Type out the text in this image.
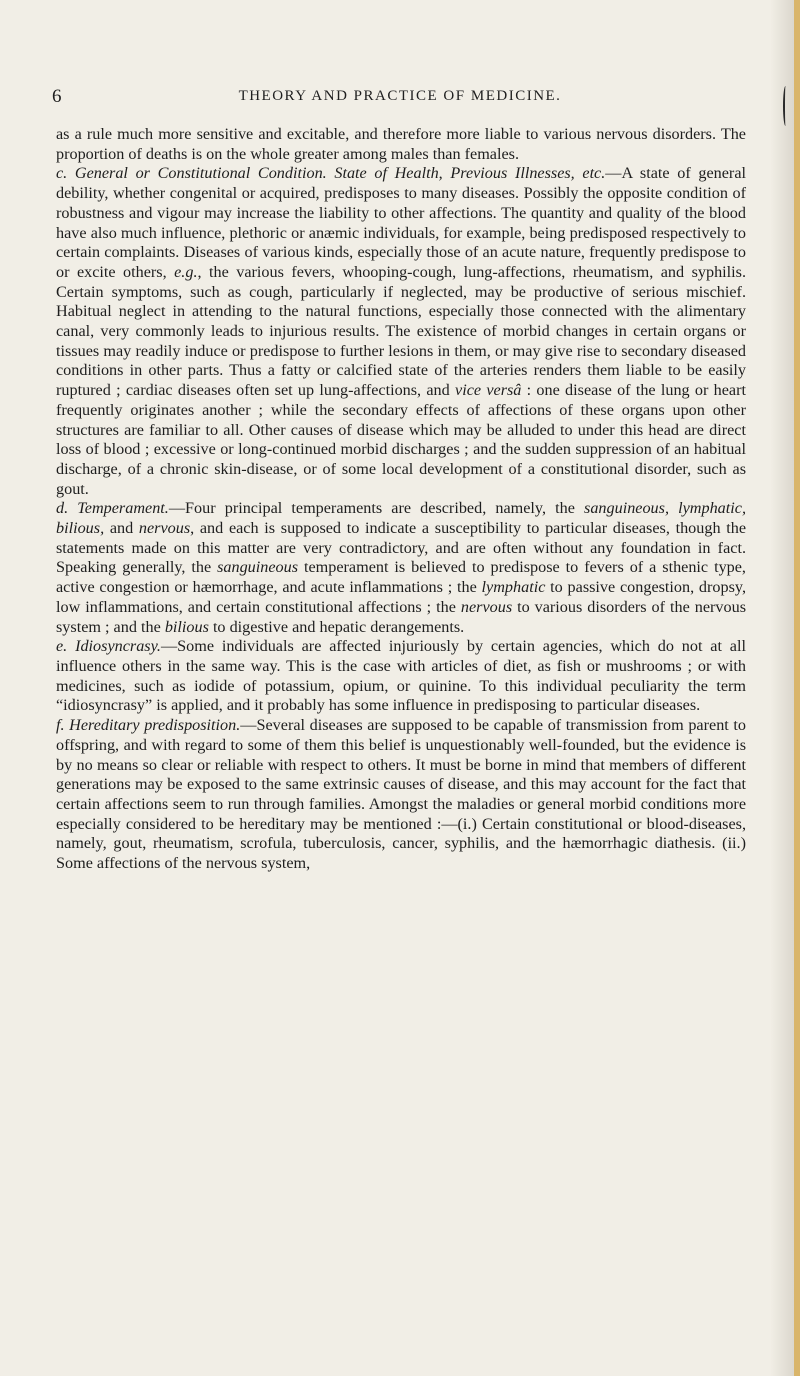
6	THEORY AND PRACTICE OF MEDICINE.

as a rule much more sensitive and excitable, and therefore more liable to various nervous disorders. The proportion of deaths is on the whole greater among males than females.

c. General or Constitutional Condition. State of Health, Previous Illnesses, etc.—A state of general debility, whether congenital or acquired, predisposes to many diseases. Possibly the opposite condition of robustness and vigour may increase the liability to other affections. The quantity and quality of the blood have also much influence, plethoric or anæmic individuals, for example, being predisposed respectively to certain complaints. Diseases of various kinds, especially those of an acute nature, frequently predispose to or excite others, e.g., the various fevers, whooping-cough, lung-affections, rheumatism, and syphilis. Certain symptoms, such as cough, particularly if neglected, may be productive of serious mischief. Habitual neglect in attending to the natural functions, especially those connected with the alimentary canal, very commonly leads to injurious results. The existence of morbid changes in certain organs or tissues may readily induce or predispose to further lesions in them, or may give rise to secondary diseased conditions in other parts. Thus a fatty or calcified state of the arteries renders them liable to be easily ruptured ; cardiac diseases often set up lung-affections, and vice versâ : one disease of the lung or heart frequently originates another ; while the secondary effects of affections of these organs upon other structures are familiar to all. Other causes of disease which may be alluded to under this head are direct loss of blood ; excessive or long-continued morbid discharges ; and the sudden suppression of an habitual discharge, of a chronic skin-disease, or of some local development of a constitutional disorder, such as gout.

d. Temperament.—Four principal temperaments are described, namely, the sanguineous, lymphatic, bilious, and nervous, and each is supposed to indicate a susceptibility to particular diseases, though the statements made on this matter are very contradictory, and are often without any foundation in fact. Speaking generally, the sanguineous temperament is believed to predispose to fevers of a sthenic type, active congestion or hæmorrhage, and acute inflammations ; the lymphatic to passive congestion, dropsy, low inflammations, and certain constitutional affections ; the nervous to various disorders of the nervous system ; and the bilious to digestive and hepatic derangements.

e. Idiosyncrasy.—Some individuals are affected injuriously by certain agencies, which do not at all influence others in the same way. This is the case with articles of diet, as fish or mushrooms ; or with medicines, such as iodide of potassium, opium, or quinine. To this individual peculiarity the term “idiosyncrasy” is applied, and it probably has some influence in predisposing to particular diseases.

f. Hereditary predisposition.—Several diseases are supposed to be capable of transmission from parent to offspring, and with regard to some of them this belief is unquestionably well-founded, but the evidence is by no means so clear or reliable with respect to others. It must be borne in mind that members of different generations may be exposed to the same extrinsic causes of disease, and this may account for the fact that certain affections seem to run through families. Amongst the maladies or general morbid conditions more especially considered to be hereditary may be mentioned :—(i.) Certain constitutional or blood-diseases, namely, gout, rheumatism, scrofula, tuberculosis, cancer, syphilis, and the hæmorrhagic diathesis. (ii.) Some affections of the nervous system,
